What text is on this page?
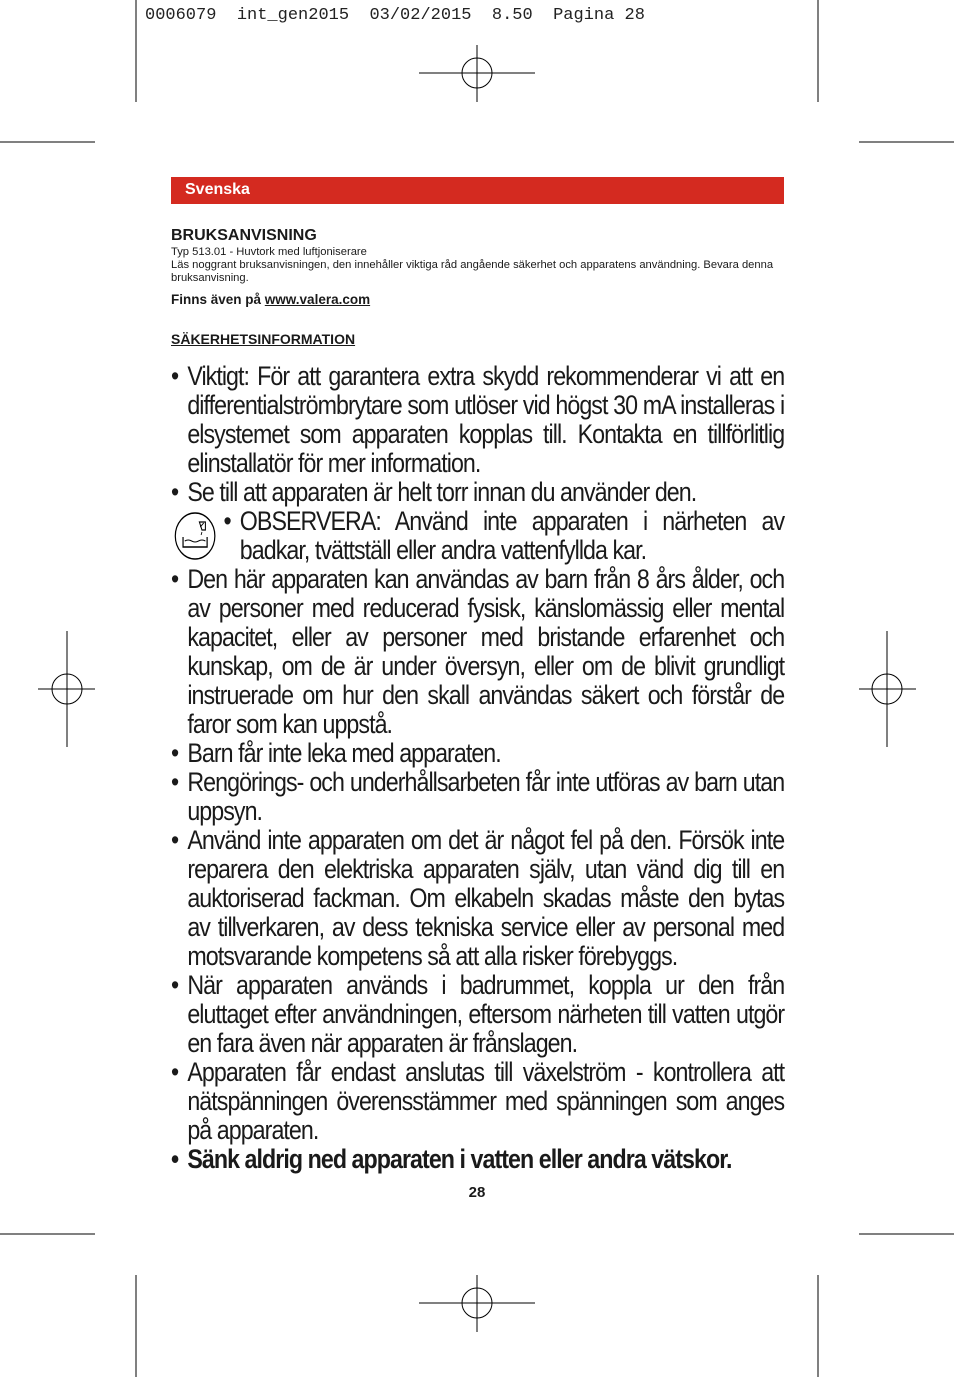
0006079 int_gen2015 03/02/2015 8.50 Pagina 28
Svenska

BRUKSANVISNING

Typ 513.01 - Huvtork med luftjoniserare

Läs noggrant bruksanvisningen, den innehåller viktiga råd angående säkerhet och apparatens användning. Bevara denna bruksanvisning.

Finns även på www.valera.com

SÄKERHETSINFORMATION

• Viktigt: För att garantera extra skydd rekommenderar vi att en differentialströmbrytare som utlöser vid högst 30 mA installeras i elsystemet som apparaten kopplas till. Kontakta en tillförlitlig elinstallatör för mer information.
• Se till att apparaten är helt torr innan du använder den.
• OBSERVERA: Använd inte apparaten i närheten av badkar, tvättställ eller andra vattenfyllda kar.
• Den här apparaten kan användas av barn från 8 års ålder, och av personer med reducerad fysisk, känslomässig eller mental kapacitet, eller av personer med bristande erfarenhet och kunskap, om de är under översyn, eller om de blivit grundligt instruerade om hur den skall användas säkert och förstår de faror som kan uppstå.
• Barn får inte leka med apparaten.
• Rengörings- och underhållsarbeten får inte utföras av barn utan uppsyn.
• Använd inte apparaten om det är något fel på den. Försök inte reparera den elektriska apparaten själv, utan vänd dig till en auktoriserad fackman. Om elkabeln skadas måste den bytas av tillverkaren, av dess tekniska service eller av personal med motsvarande kompetens så att alla risker förebyggs.
• När apparaten används i badrummet, koppla ur den från eluttaget efter användningen, eftersom närheten till vatten utgör en fara även när apparaten är frånslagen.
• Apparaten får endast anslutas till växelström - kontrollera att nätspänningen överensstämmer med spänningen som anges på apparaten.
• Sänk aldrig ned apparaten i vatten eller andra vätskor.
28
